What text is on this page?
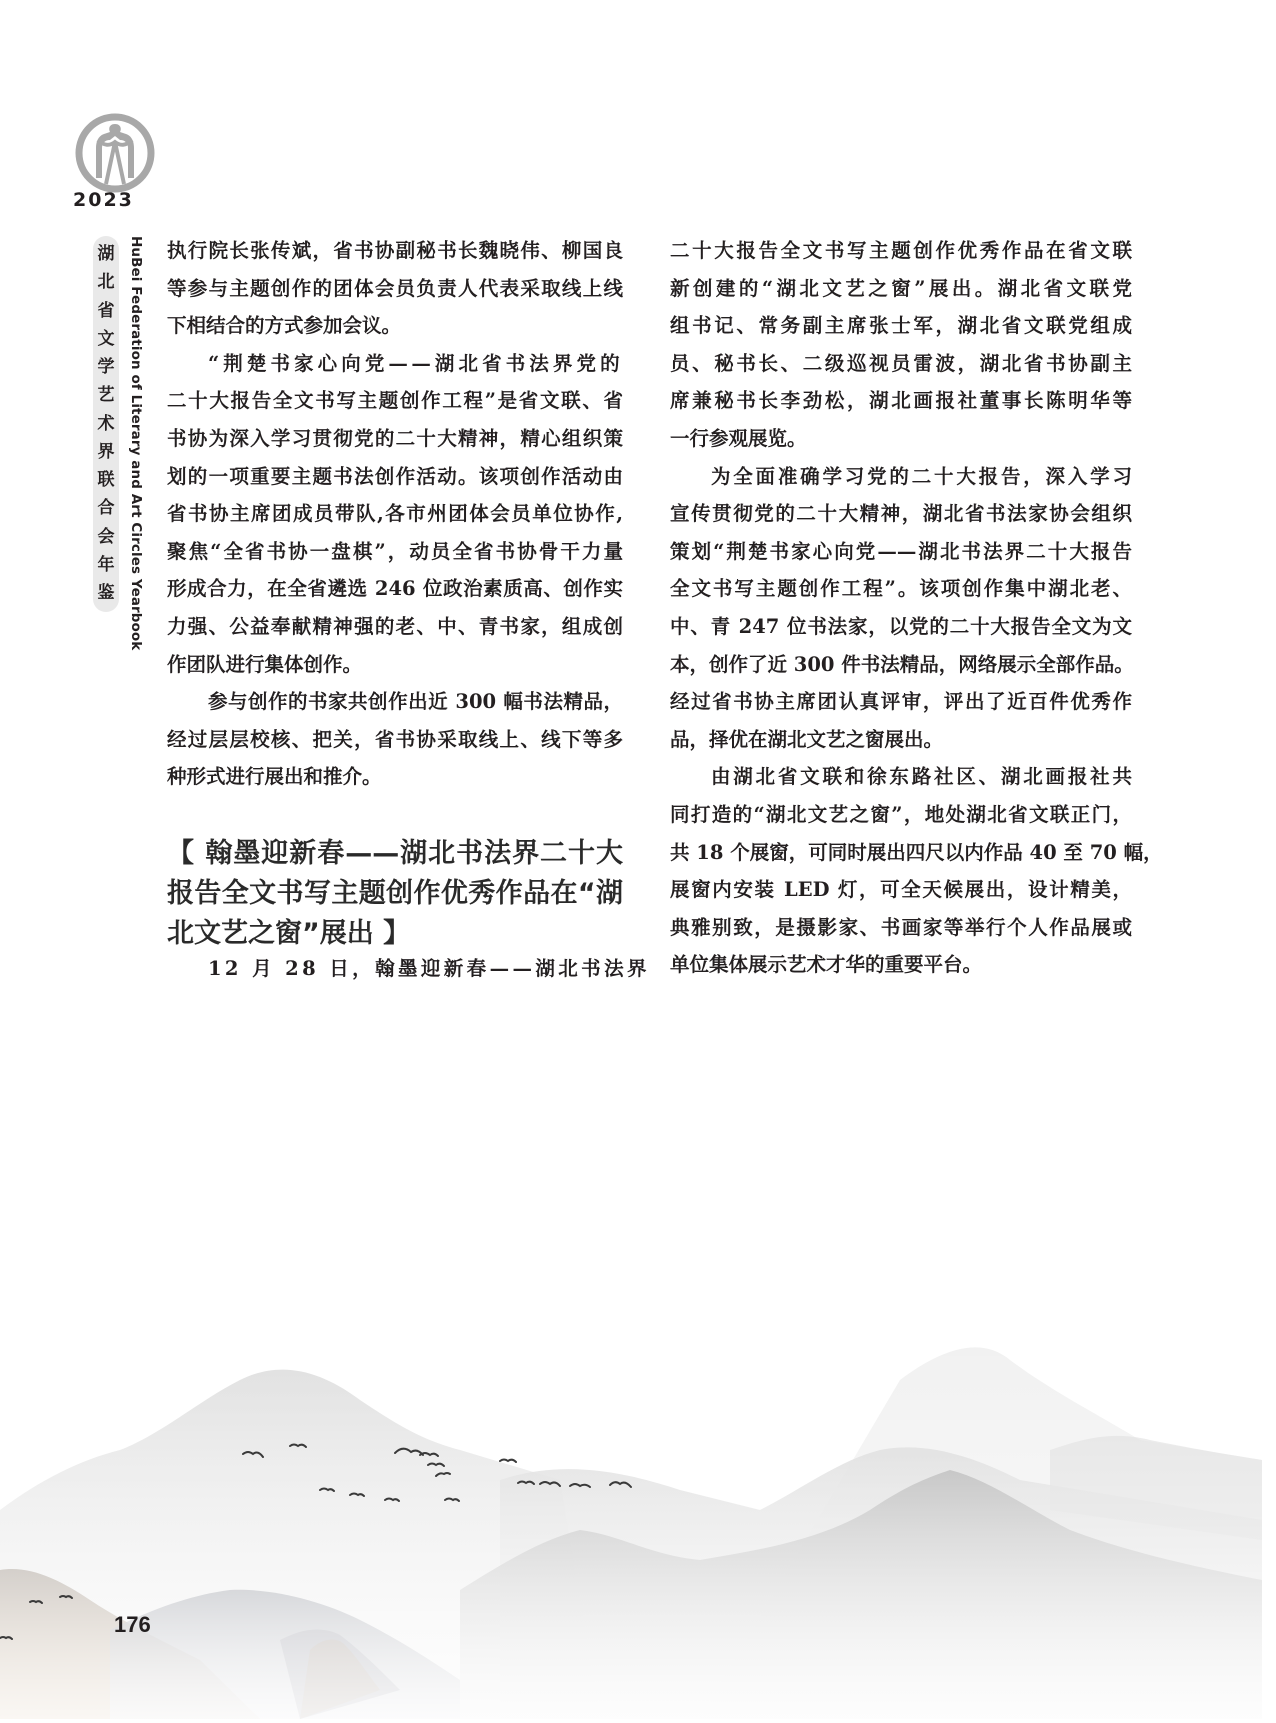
2023
湖
北
省
文
学
艺
术
界
联
合
会
年
鉴 HuBei Federation of Literary and Art Circles Yearbook 执行院长张传斌，省书协副秘书长魏晓伟、柳国良
等参与主题创作的团体会员负责人代表采取线上线
下相结合的方式参加会议。

“荆楚书家心向党——湖北省书法界党的
二十大报告全文书写主题创作工程”是省文联、省
书协为深入学习贯彻党的二十大精神，精心组织策
划的一项重要主题书法创作活动。该项创作活动由
省书协主席团成员带队,各市州团体会员单位协作,
聚焦“全省书协一盘棋”，动员全省书协骨干力量
形成合力，在全省遴选 246 位政治素质高、创作实
力强、公益奉献精神强的老、中、青书家，组成创
作团队进行集体创作。

参与创作的书家共创作出近 300 幅书法精品，
经过层层校核、把关，省书协采取线上、线下等多
种形式进行展出和推介。

【 翰墨迎新春——湖北书法界二十大
报告全文书写主题创作优秀作品在“湖
北文艺之窗”展出 】

12 月 28 日，翰墨迎新春——湖北书法界

二十大报告全文书写主题创作优秀作品在省文联
新创建的“湖北文艺之窗”展出。湖北省文联党
组书记、常务副主席张士军，湖北省文联党组成
员、秘书长、二级巡视员雷波，湖北省书协副主
席兼秘书长李劲松，湖北画报社董事长陈明华等
一行参观展览。

为全面准确学习党的二十大报告，深入学习
宣传贯彻党的二十大精神，湖北省书法家协会组织
策划“荆楚书家心向党——湖北书法界二十大报告
全文书写主题创作工程”。该项创作集中湖北老、
中、青 247 位书法家，以党的二十大报告全文为文
本，创作了近 300 件书法精品，网络展示全部作品。
经过省书协主席团认真评审，评出了近百件优秀作
品，择优在湖北文艺之窗展出。

由湖北省文联和徐东路社区、湖北画报社共
同打造的“湖北文艺之窗”，地处湖北省文联正门，
共 18 个展窗，可同时展出四尺以内作品 40 至 70 幅，
展窗内安装 LED 灯，可全天候展出，设计精美，
典雅别致，是摄影家、书画家等举行个人作品展或
单位集体展示艺术才华的重要平台。

176
